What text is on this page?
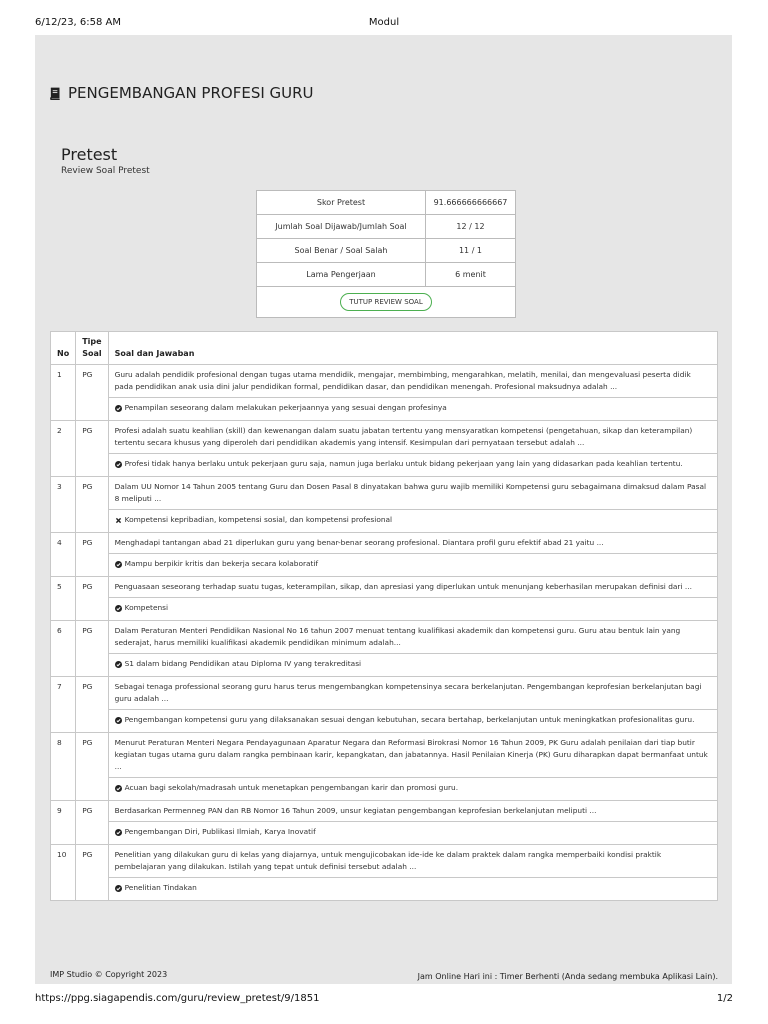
6/12/23, 6:58 AM	Modul
PENGEMBANGAN PROFESI GURU
Pretest
Review Soal Pretest
Skor Pretest	91.666666666667
Jumlah Soal Dijawab/Jumlah Soal	12 / 12
Soal Benar / Soal Salah	11 / 1
Lama Pengerjaan	6 menit
TUTUP REVIEW SOAL	
No	Tipe Soal	Soal dan Jawaban
1	PG	Guru adalah pendidik profesional dengan tugas utama mendidik, mengajar, membimbing, mengarahkan, melatih, menilai, dan mengevaluasi peserta didik pada pendidikan anak usia dini jalur pendidikan formal, pendidikan dasar, dan pendidikan menengah. Profesional maksudnya adalah ...

		Penampilan seseorang dalam melakukan pekerjaannya yang sesuai dengan profesinya

2	PG	Profesi adalah suatu keahlian (skill) dan kewenangan dalam suatu jabatan tertentu yang mensyaratkan kompetensi (pengetahuan, sikap dan keterampilan) tertentu secara khusus yang diperoleh dari pendidikan akademis yang intensif. Kesimpulan dari pernyataan tersebut adalah ...

		Profesi tidak hanya berlaku untuk pekerjaan guru saja, namun juga berlaku untuk bidang pekerjaan yang lain yang didasarkan pada keahlian tertentu.

3	PG	Dalam UU Nomor 14 Tahun 2005 tentang Guru dan Dosen Pasal 8 dinyatakan bahwa guru wajib memiliki Kompetensi guru sebagaimana dimaksud dalam Pasal 8 meliputi ...

		Kompetensi kepribadian, kompetensi sosial, dan kompetensi profesional

4	PG	Menghadapi tantangan abad 21 diperlukan guru yang benar-benar seorang profesional. Diantara profil guru efektif abad 21 yaitu ...

		Mampu berpikir kritis dan bekerja secara kolaboratif

5	PG	Penguasaan seseorang terhadap suatu tugas, keterampilan, sikap, dan apresiasi yang diperlukan untuk menunjang keberhasilan merupakan definisi dari ...

		Kompetensi

6	PG	Dalam Peraturan Menteri Pendidikan Nasional No 16 tahun 2007 menuat tentang kualifikasi akademik dan kompetensi guru. Guru atau bentuk lain yang sederajat, harus memiliki kualifikasi akademik pendidikan minimum adalah...

		S1 dalam bidang Pendidikan atau Diploma IV yang terakreditasi

7	PG	Sebagai tenaga professional seorang guru harus terus mengembangkan kompetensinya secara berkelanjutan. Pengembangan keprofesian berkelanjutan bagi guru adalah ...

		Pengembangan kompetensi guru yang dilaksanakan sesuai dengan kebutuhan, secara bertahap, berkelanjutan untuk meningkatkan profesionalitas guru.

8	PG	Menurut Peraturan Menteri Negara Pendayagunaan Aparatur Negara dan Reformasi Birokrasi Nomor 16 Tahun 2009, PK Guru adalah penilaian dari tiap butir kegiatan tugas utama guru dalam rangka pembinaan karir, kepangkatan, dan jabatannya. Hasil Penilaian Kinerja (PK) Guru diharapkan dapat bermanfaat untuk ...

		Acuan bagi sekolah/madrasah untuk menetapkan pengembangan karir dan promosi guru.

9	PG	Berdasarkan Permenneg PAN dan RB Nomor 16 Tahun 2009, unsur kegiatan pengembangan keprofesian berkelanjutan meliputi ...

		Pengembangan Diri, Publikasi Ilmiah, Karya Inovatif

10	PG	Penelitian yang dilakukan guru di kelas yang diajarnya, untuk mengujicobakan ide-ide ke dalam praktek dalam rangka memperbaiki kondisi praktik pembelajaran yang dilakukan. Istilah yang tepat untuk definisi tersebut adalah ...

		Penelitian Tindakan
IMP Studio © Copyright 2023	Jam Online Hari ini : Timer Berhenti (Anda sedang membuka Aplikasi Lain).
https://ppg.siagapendis.com/guru/review_pretest/9/1851	1/2
